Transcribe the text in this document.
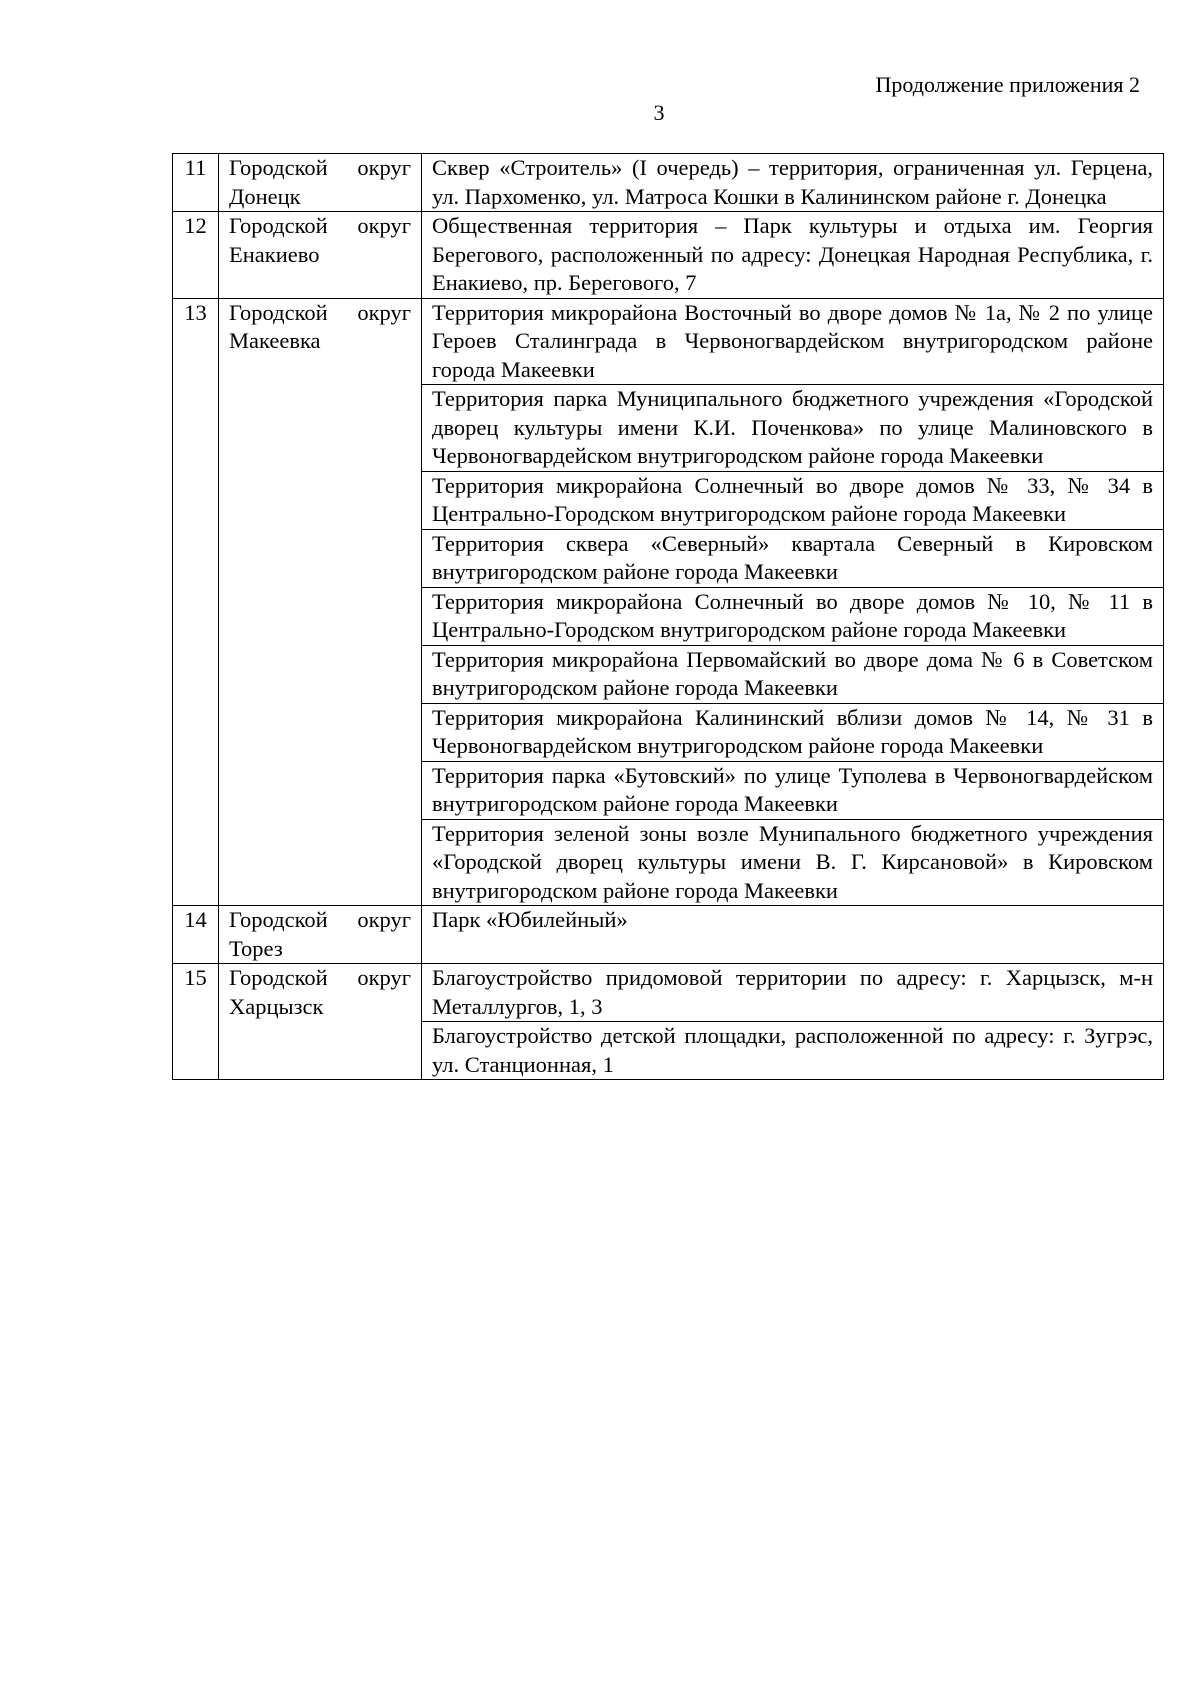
Продолжение приложения 2
3
11	Городской округ Донецк	Сквер «Строитель» (I очередь) – территория, ограниченная ул. Герцена, ул. Пархоменко, ул. Матроса Кошки в Калининском районе г. Донецка
12	Городской округ Енакиево	Общественная территория – Парк культуры и отдыха им. Георгия Берегового, расположенный по адресу: Донецкая Народная Республика, г. Енакиево, пр. Берегового, 7
13	Городской округ Макеевка	Территория микрорайона Восточный во дворе домов № 1а, № 2 по улице Героев Сталинграда в Червоногвардейском внутригородском районе города Макеевки
		Территория парка Муниципального бюджетного учреждения «Городской дворец культуры имени К.И. Поченкова» по улице Малиновского в Червоногвардейском внутригородском районе города Макеевки
		Территория микрорайона Солнечный во дворе домов № 33, № 34 в Центрально-Городском внутригородском районе города Макеевки
		Территория сквера «Северный» квартала Северный в Кировском внутригородском районе города Макеевки
		Территория микрорайона Солнечный во дворе домов № 10, № 11 в Центрально-Городском внутригородском районе города Макеевки
		Территория микрорайона Первомайский во дворе дома № 6 в Советском внутригородском районе города Макеевки
		Территория микрорайона Калининский вблизи домов № 14, № 31 в Червоногвардейском внутригородском районе города Макеевки
		Территория парка «Бутовский» по улице Туполева в Червоногвардейском внутригородском районе города Макеевки
		Территория зеленой зоны возле Мунипального бюджетного учреждения «Городской дворец культуры имени В. Г. Кирсановой» в Кировском внутригородском районе города Макеевки
14	Городской округ Торез	Парк «Юбилейный»
15	Городской округ Харцызск	Благоустройство придомовой территории по адресу: г. Харцызск, м-н Металлургов, 1, 3
		Благоустройство детской площадки, расположенной по адресу: г. Зугрэс, ул. Станционная, 1
